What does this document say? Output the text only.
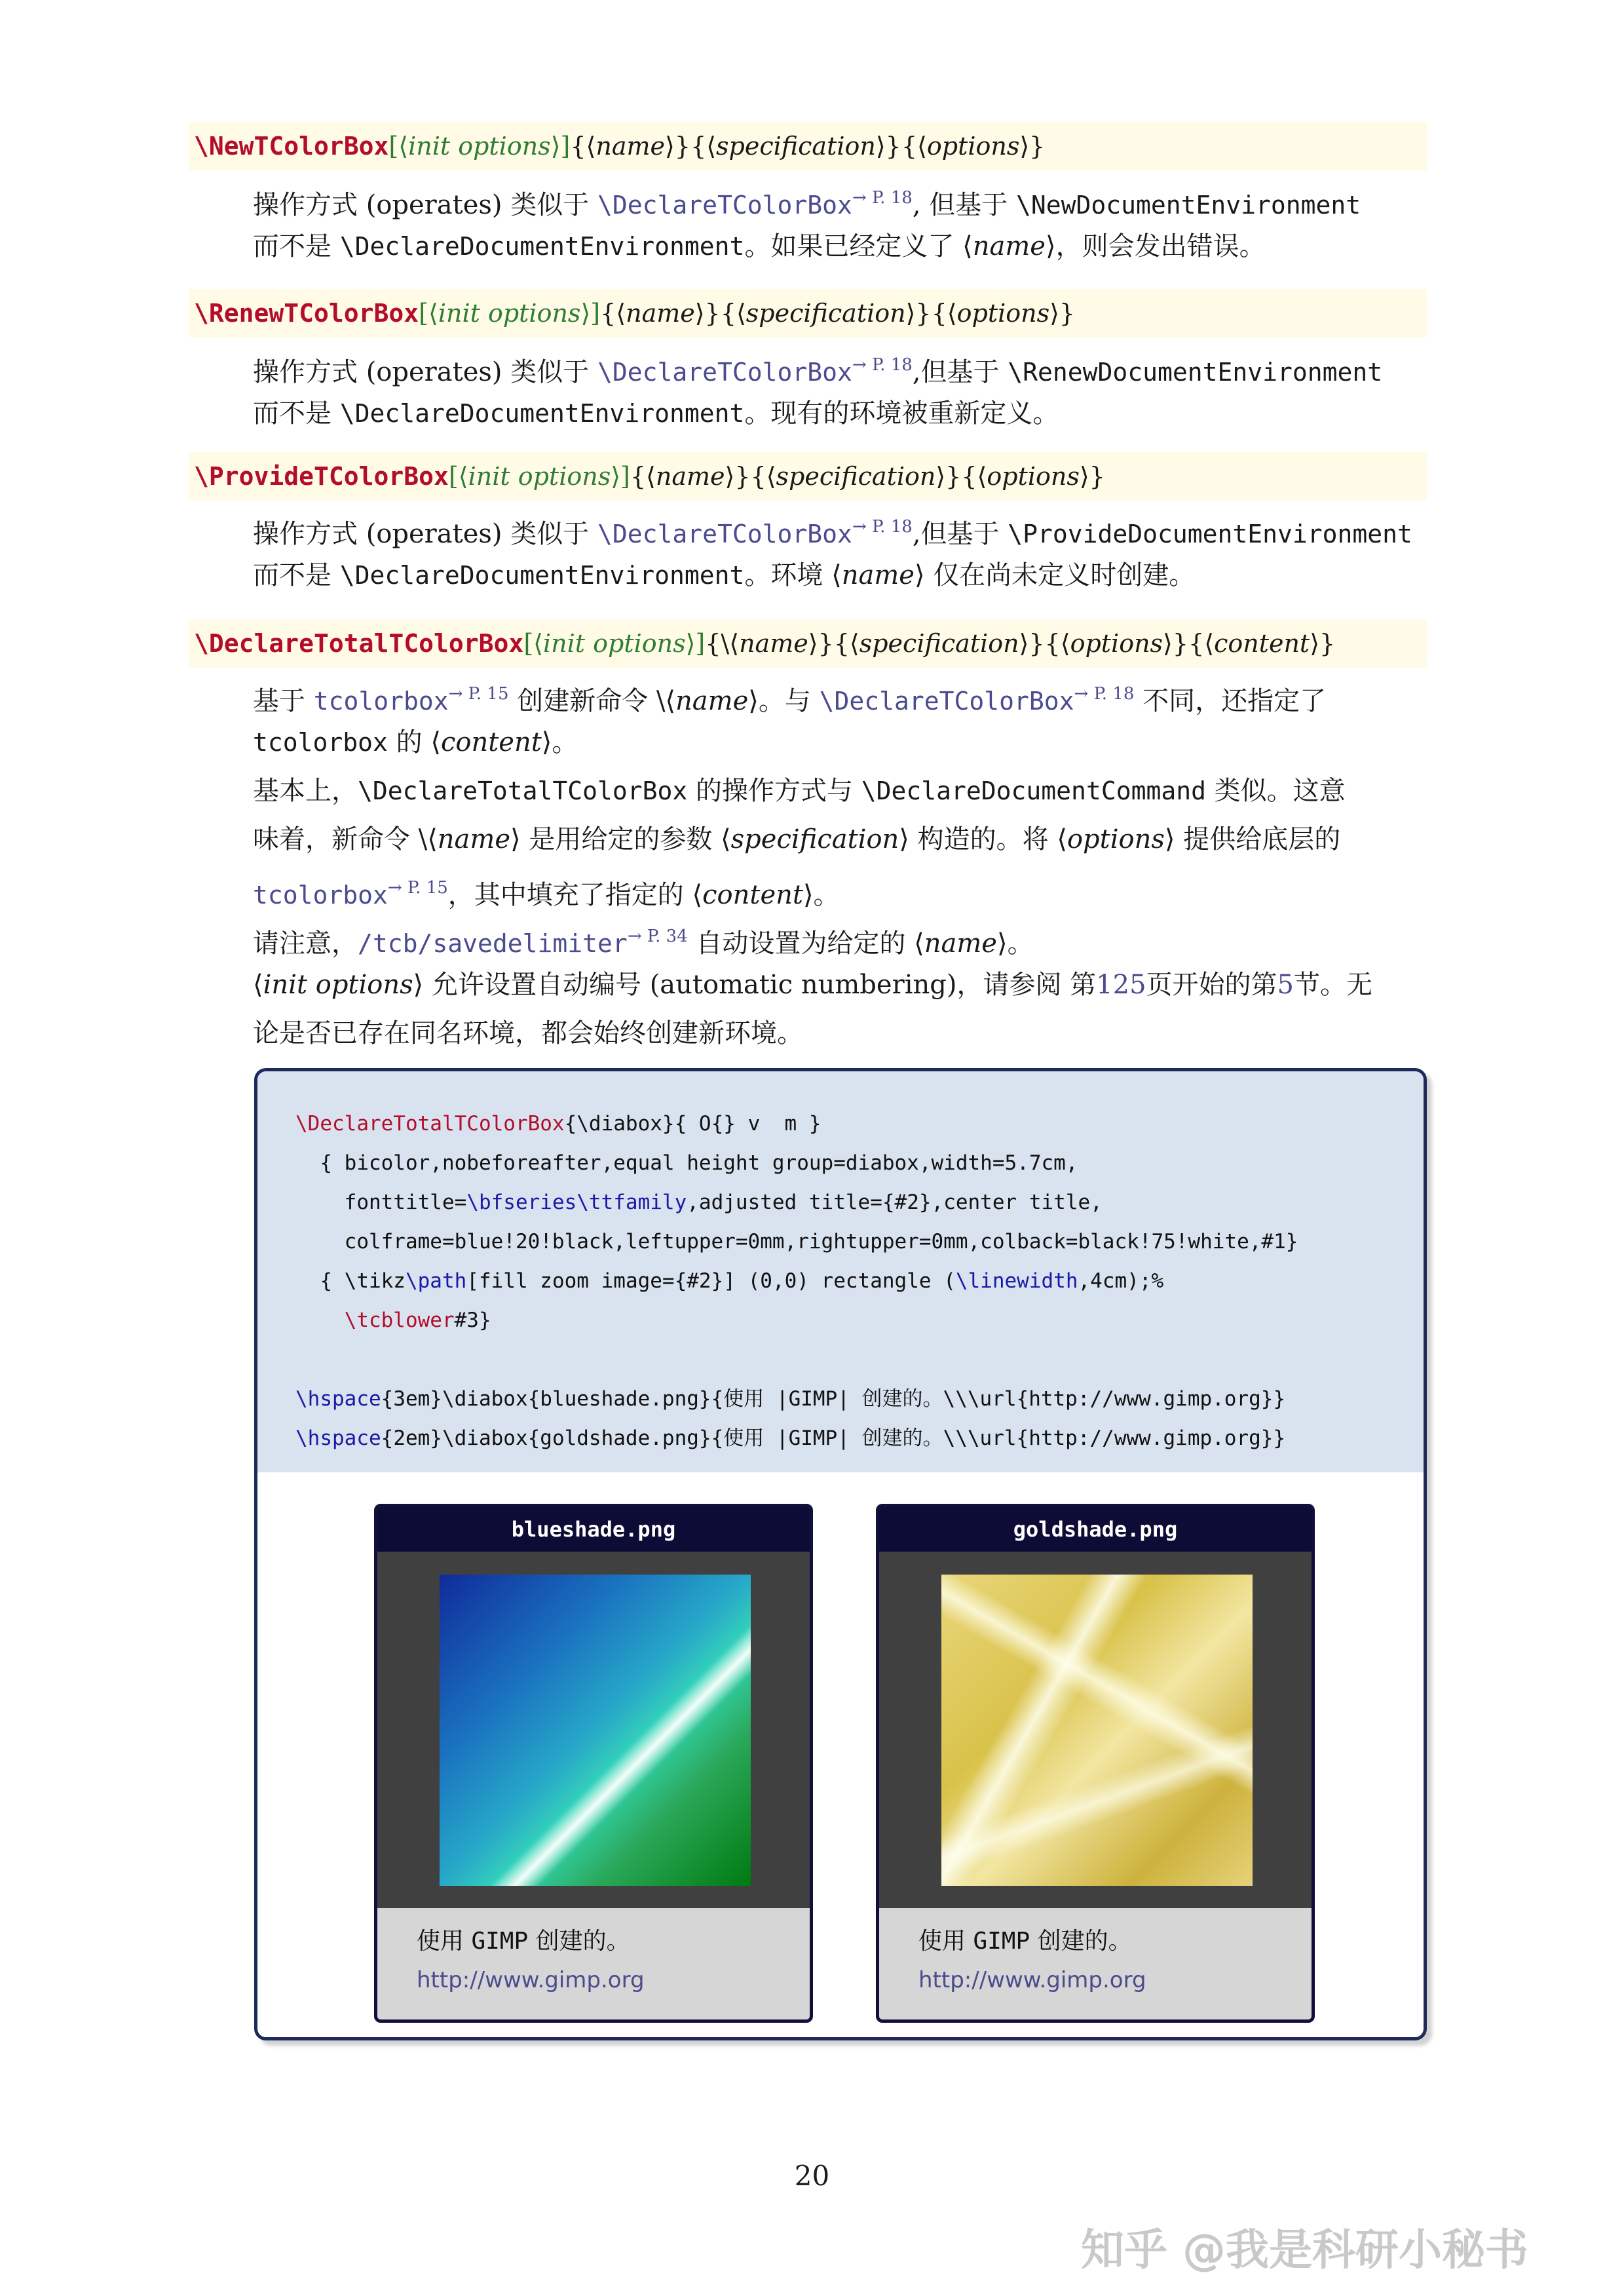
\NewTColorBox[⟨init options⟩]{⟨name⟩}{⟨specification⟩}{⟨options⟩}
操作方式 (operates) 类似于 \DeclareTColorBox$^{\to P. 18}$, 但基于 \NewDocumentEnvironment
而不是 \DeclareDocumentEnvironment。如果已经定义了 ⟨name⟩，则会发出错误。
\RenewTColorBox[⟨init options⟩]{⟨name⟩}{⟨specification⟩}{⟨options⟩}
操作方式 (operates) 类似于 \DeclareTColorBox$^{\to P. 18}$,但基于 \RenewDocumentEnvironment
而不是 \DeclareDocumentEnvironment。现有的环境被重新定义。
\ProvideTColorBox[⟨init options⟩]{⟨name⟩}{⟨specification⟩}{⟨options⟩}
操作方式 (operates) 类似于 \DeclareTColorBox$^{\to P. 18}$,但基于 \ProvideDocumentEnvironment
而不是 \DeclareDocumentEnvironment。环境 ⟨name⟩ 仅在尚未定义时创建。
\DeclareTotalTColorBox[⟨init options⟩]{\⟨name⟩}{⟨specification⟩}{⟨options⟩}{⟨content⟩}
基于 tcolorbox$^{\to P. 15}$ 创建新命令 \⟨name⟩。与 \DeclareTColorBox$^{\to P. 18}$ 不同，还指定了
tcolorbox 的 ⟨content⟩。
基本上，\DeclareTotalTColorBox 的操作方式与 \DeclareDocumentCommand 类似。这意
味着，新命令 \⟨name⟩ 是用给定的参数 ⟨specification⟩ 构造的。将 ⟨options⟩ 提供给底层的
tcolorbox$^{\to P. 15}$，其中填充了指定的 ⟨content⟩。
请注意，/tcb/savedelimiter$^{\to P. 34}$ 自动设置为给定的 ⟨name⟩。
⟨init options⟩ 允许设置自动编号 (automatic numbering)，请参阅 第125页开始的第5节。无
论是否已存在同名环境，都会始终创建新环境。
\DeclareTotalTColorBox{\diabox}{ O{} v  m }
{ bicolor,nobeforeafter,equal height group=diabox,width=5.7cm,
fonttitle=\bfseries\ttfamily,adjusted title={#2},center title,
colframe=blue!20!black,leftupper=0mm,rightupper=0mm,colback=black!75!white,#1}
{ \tikz\path[fill zoom image={#2}] (0,0) rectangle (\linewidth,4cm);%
\tcblower#3}
\hspace{3em}\diabox{blueshade.png}{使用 |GIMP| 创建的。\\\url{http://www.gimp.org}}
\hspace{2em}\diabox{goldshade.png}{使用 |GIMP| 创建的。\\\url{http://www.gimp.org}}
blueshade.png
使用 GIMP 创建的。
http://www.gimp.org
goldshade.png
使用 GIMP 创建的。
http://www.gimp.org
20
知乎 @我是科研小秘书
